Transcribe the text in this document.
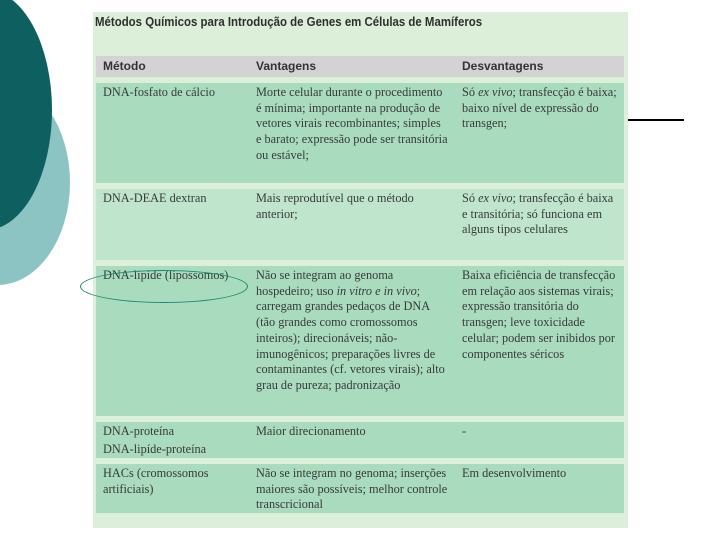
Métodos Químicos para Introdução de Genes em Células de Mamíferos
Método	Vantagens	Desvantagens

DNA-fosfato de cálcio	Morte celular durante o procedimento é mínima; importante na produção de vetores virais recombinantes; simples e barato; expressão pode ser transitória ou estável;	Só ex vivo; transfecção é baixa; baixo nível de expressão do transgen;

DNA-DEAE dextran	Mais reprodutível que o método anterior;	Só ex vivo; transfecção é baixa e transitória; só funciona em alguns tipos celulares

DNA-lipíde (lipossomos)	Não se integram ao genoma hospedeiro; uso in vitro e in vivo; carregam grandes pedaços de DNA (tão grandes como cromossomos inteiros); direcionáveis; não-imunogênicos; preparações livres de contaminantes (cf. vetores virais); alto grau de pureza; padronização	Baixa eficiência de transfecção em relação aos sistemas virais; expressão transitória do transgen; leve toxicidade celular; podem ser inibidos por componentes séricos

DNA-proteína	Maior direcionamento	-
DNA-lipíde-proteína		

HACs (cromossomos artificiais)	Não se integram no genoma; inserções maiores são possíveis; melhor controle transcricional	Em desenvolvimento
